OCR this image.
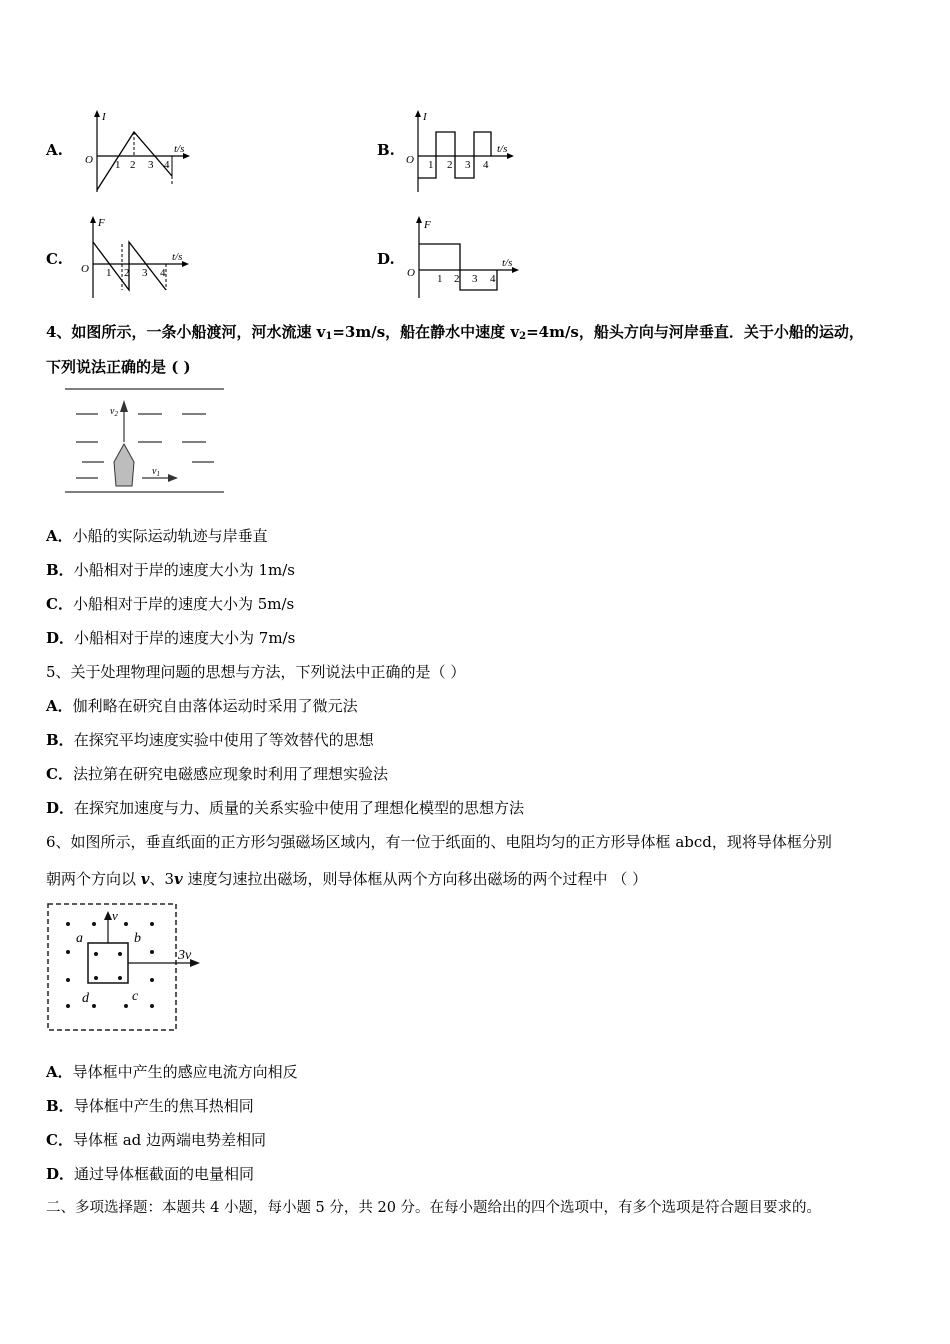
A.
I
t/s
O 1 2 3 4
B.
I
t/s
O 1 2 3 4
C.
F
t/s
O 1 2 3 4
D.
F
t/s
O 1 2 3 4
4、如图所示，一条小船渡河，河水流速 $v_1=3m/s$，船在静水中速度 $v_2=4m/s$，船头方向与河岸垂直．关于小船的运动，
下列说法正确的是 ( )
$v_2$
$v_1$
A．小船的实际运动轨迹与岸垂直
B．小船相对于岸的速度大小为 1m/s
C．小船相对于岸的速度大小为 5m/s
D．小船相对于岸的速度大小为 7m/s
5、关于处理物理问题的思想与方法，下列说法中正确的是（ ）
A．伽利略在研究自由落体运动时采用了微元法
B．在探究平均速度实验中使用了等效替代的思想
C．法拉第在研究电磁感应现象时利用了理想实验法
D．在探究加速度与力、质量的关系实验中使用了理想化模型的思想方法
6、如图所示，垂直纸面的正方形匀强磁场区域内，有一位于纸面的、电阻均匀的正方形导体框 abcd，现将导体框分别
朝两个方向以 v、3v 速度匀速拉出磁场，则导体框从两个方向移出磁场的两个过程中 （ ）
v
3v
a	b
c
d
A．导体框中产生的感应电流方向相反
B．导体框中产生的焦耳热相同
C．导体框 ad 边两端电势差相同
D．通过导体框截面的电量相同
二、多项选择题：本题共 4 小题，每小题 5 分，共 20 分。在每小题给出的四个选项中，有多个选项是符合题目要求的。
